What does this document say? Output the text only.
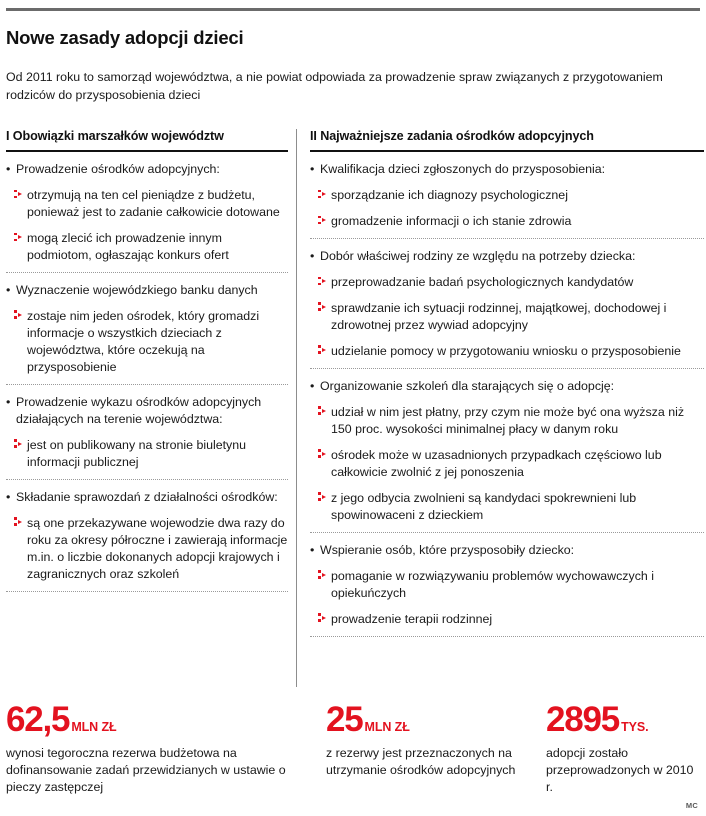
Nowe zasady adopcji dzieci

Od 2011 roku to samorząd województwa, a nie powiat odpowiada za prowadzenie spraw związanych z przygotowaniem rodziców do przysposobienia dzieci

I Obowiązki marszałków województw
• Prowadzenie ośrodków adopcyjnych:
otrzymują na ten cel pieniądze z budżetu, ponieważ jest to zadanie całkowicie dotowane
mogą zlecić ich prowadzenie innym podmiotom, ogłaszając konkurs ofert
• Wyznaczenie wojewódzkiego banku danych
zostaje nim jeden ośrodek, który gromadzi informacje o wszystkich dzieciach z województwa, które oczekują na przysposobienie
• Prowadzenie wykazu ośrodków adopcyjnych działających na terenie województwa:
jest on publikowany na stronie biuletynu informacji publicznej
• Składanie sprawozdań z działalności ośrodków:
są one przekazywane wojewodzie dwa razy do roku za okresy półroczne i zawierają informacje m.in. o liczbie dokonanych adopcji krajowych i zagranicznych oraz szkoleń
II Najważniejsze zadania ośrodków adopcyjnych
• Kwalifikacja dzieci zgłoszonych do przysposobienia:
sporządzanie ich diagnozy psychologicznej
gromadzenie informacji o ich stanie zdrowia
• Dobór właściwej rodziny ze względu na potrzeby dziecka:
przeprowadzanie badań psychologicznych kandydatów
sprawdzanie ich sytuacji rodzinnej, majątkowej, dochodowej i zdrowotnej przez wywiad adopcyjny
udzielanie pomocy w przygotowaniu wniosku o przysposobienie
• Organizowanie szkoleń dla starających się o adopcję:
udział w nim jest płatny, przy czym nie może być ona wyższa niż 150 proc. wysokości minimalnej płacy w danym roku
ośrodek może w uzasadnionych przypadkach częściowo lub całkowicie zwolnić z jej ponoszenia
z jego odbycia zwolnieni są kandydaci spokrewnieni lub spowinowaceni z dzieckiem
• Wspieranie osób, które przysposobiły dziecko:
pomaganie w rozwiązywaniu problemów wychowawczych i opiekuńczych
prowadzenie terapii rodzinnej
62,5 MLN ZŁ
wynosi tegoroczna rezerwa budżetowa na dofinansowanie zadań przewidzianych w ustawie o pieczy zastępczej
25 MLN ZŁ
z rezerwy jest przeznaczonych na utrzymanie ośrodków adopcyjnych
2895 TYS.
adopcji zostało przeprowadzonych w 2010 r.
MC
